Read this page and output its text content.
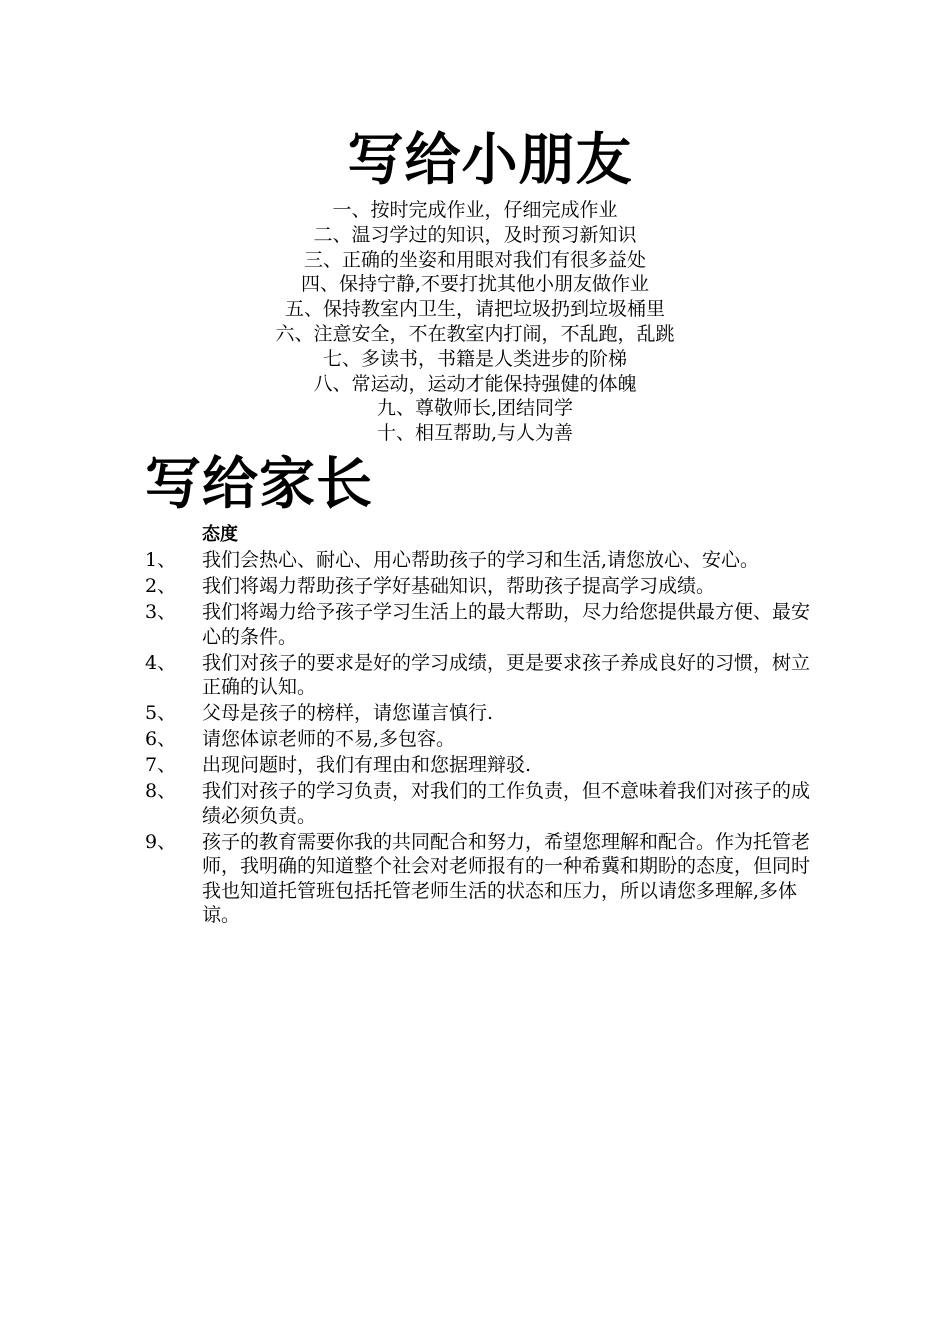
写给小朋友
一、按时完成作业，仔细完成作业
二、温习学过的知识，及时预习新知识
三、正确的坐姿和用眼对我们有很多益处
四、保持宁静,不要打扰其他小朋友做作业
五、保持教室内卫生，请把垃圾扔到垃圾桶里
六、注意安全，不在教室内打闹，不乱跑，乱跳
七、多读书，书籍是人类进步的阶梯
八、常运动，运动才能保持强健的体魄
九、尊敬师长,团结同学
十、相互帮助,与人为善
写给家长
态度
1、	我们会热心、耐心、用心帮助孩子的学习和生活,请您放心、安心。
2、	我们将竭力帮助孩子学好基础知识，帮助孩子提高学习成绩。
3、	我们将竭力给予孩子学习生活上的最大帮助，尽力给您提供最方便、最安心的条件。
4、	我们对孩子的要求是好的学习成绩，更是要求孩子养成良好的习惯，树立正确的认知。
5、	父母是孩子的榜样，请您谨言慎行.
6、	请您体谅老师的不易,多包容。
7、	出现问题时，我们有理由和您据理辩驳.
8、	我们对孩子的学习负责，对我们的工作负责，但不意味着我们对孩子的成绩必须负责。
9、	孩子的教育需要你我的共同配合和努力，希望您理解和配合。作为托管老师，我明确的知道整个社会对老师报有的一种希冀和期盼的态度，但同时我也知道托管班包括托管老师生活的状态和压力，所以请您多理解,多体谅。
